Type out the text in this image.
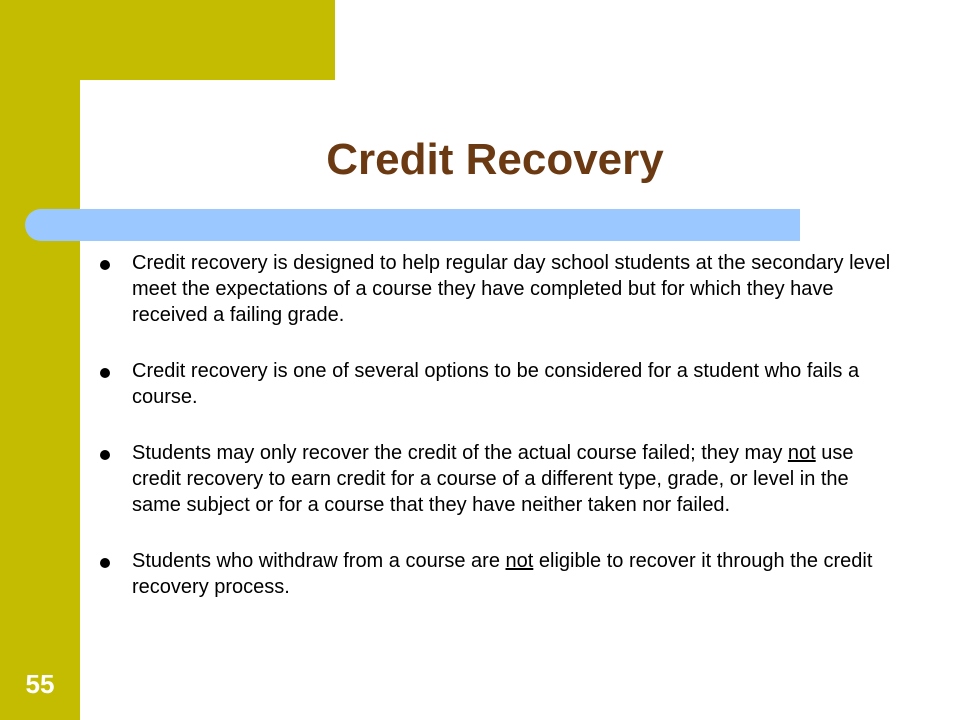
Credit Recovery
Credit recovery is designed to help regular day school students at the secondary level meet the expectations of a course they have completed but for which they have received a failing grade.
Credit recovery is one of several options to be considered for a student who fails a course.
Students may only recover the credit of the actual course failed; they may not use credit recovery to earn credit for a course of a different type, grade, or level in the same subject or for a course that they have neither taken nor failed.
Students who withdraw from a course are not eligible to recover it through the credit recovery process.
55
